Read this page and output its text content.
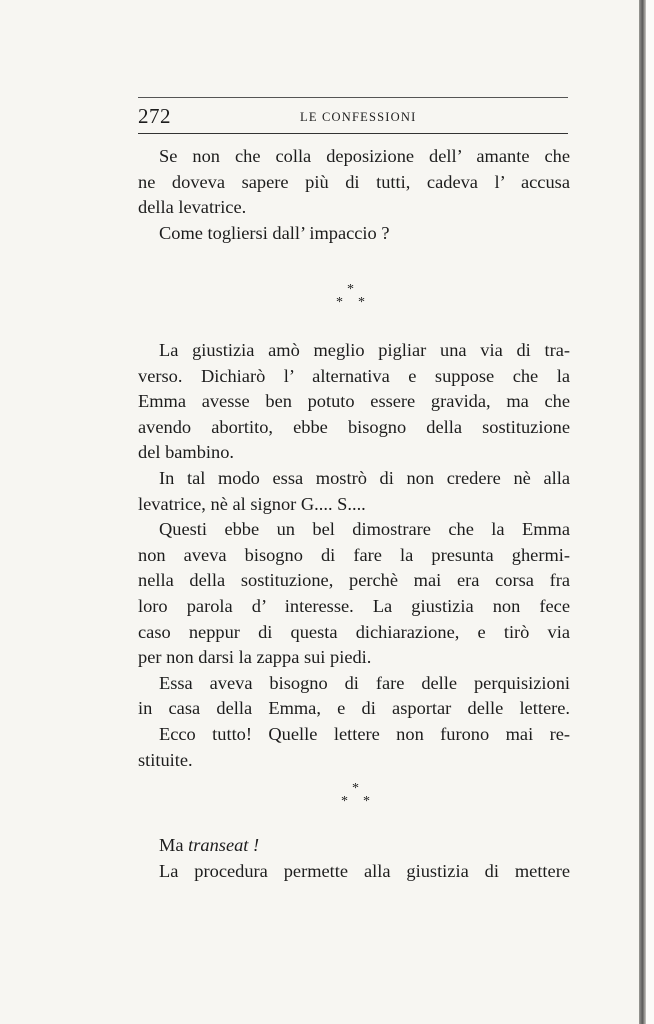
272	LE CONFESSIONI
Se non che colla deposizione dell’ amante che
ne doveva sapere più di tutti, cadeva l’ accusa
della levatrice.
Come togliersi dall’ impaccio ?
*
* *
La giustizia amò meglio pigliar una via di tra-
verso. Dichiarò l’ alternativa e suppose che la
Emma avesse ben potuto essere gravida, ma che
avendo abortito, ebbe bisogno della sostituzione
del bambino.
In tal modo essa mostrò di non credere nè alla
levatrice, nè al signor G.... S....
Questi ebbe un bel dimostrare che la Emma
non aveva bisogno di fare la presunta ghermi-
nella della sostituzione, perchè mai era corsa fra
loro parola d’ interesse. La giustizia non fece
caso neppur di questa dichiarazione, e tirò via
per non darsi la zappa sui piedi.
Essa aveva bisogno di fare delle perquisizioni
in casa della Emma, e di asportar delle lettere.
Ecco tutto! Quelle lettere non furono mai re-
stituite.
*
* *
Ma transeat !
La procedura permette alla giustizia di mettere
